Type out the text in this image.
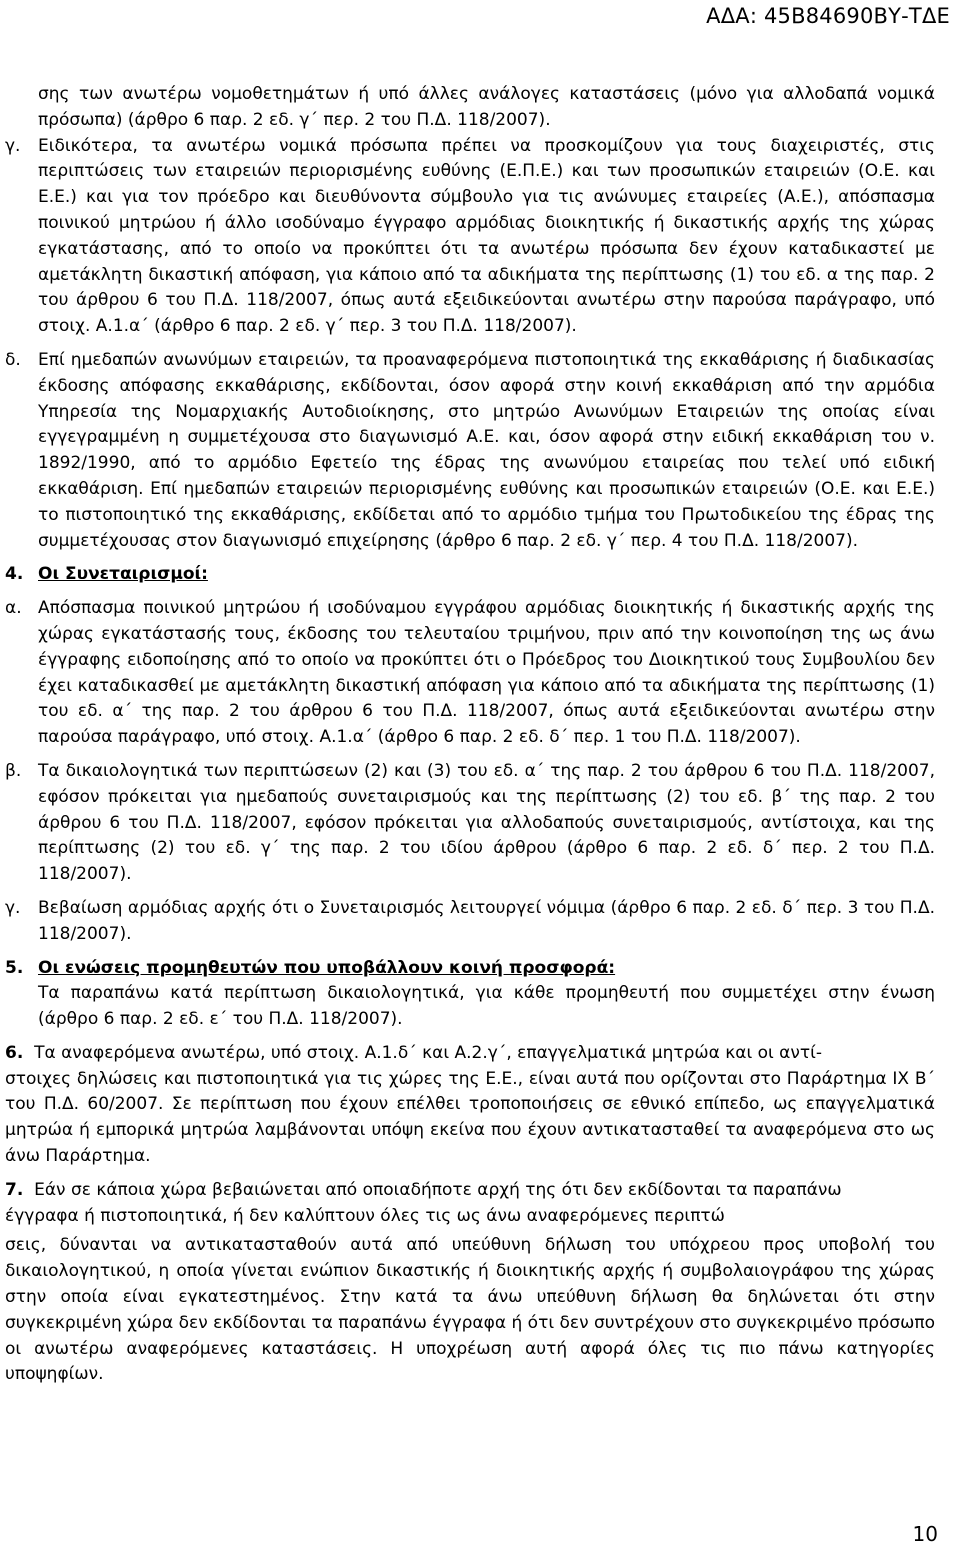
ΑΔΑ: 45Β84690ΒΥ-ΤΔΕ
σης των ανωτέρω νομοθετημάτων ή υπό άλλες ανάλογες καταστάσεις (μόνο για αλλοδαπά νομικά πρόσωπα) (άρθρο 6 παρ. 2 εδ. γ΄ περ. 2 του Π.Δ. 118/2007).
γ.	Ειδικότερα, τα ανωτέρω νομικά πρόσωπα πρέπει να προσκομίζουν για τους διαχειριστές, στις περιπτώσεις των εταιρειών περιορισμένης ευθύνης (Ε.Π.Ε.) και των προσωπικών εταιρειών (Ο.Ε. και Ε.Ε.) και για τον πρόεδρο και διευθύνοντα σύμβουλο για τις ανώνυμες εταιρείες (Α.Ε.), απόσπασμα ποινικού μητρώου ή άλλο ισοδύναμο έγγραφο αρμόδιας διοικητικής ή δικαστικής αρχής της χώρας εγκατάστασης, από το οποίο να προκύπτει ότι τα ανωτέρω πρόσωπα δεν έχουν καταδικαστεί με αμετάκλητη δικαστική απόφαση, για κάποιο από τα αδικήματα της περίπτωσης (1) του εδ. α της παρ. 2 του άρθρου 6 του Π.Δ. 118/2007, όπως αυτά εξειδικεύονται ανωτέρω στην παρούσα παράγραφο, υπό στοιχ. Α.1.α΄ (άρθρο 6 παρ. 2 εδ. γ΄ περ. 3 του Π.Δ. 118/2007).
δ.	Επί ημεδαπών ανωνύμων εταιρειών, τα προαναφερόμενα πιστοποιητικά της εκκαθάρισης ή διαδικασίας έκδοσης απόφασης εκκαθάρισης, εκδίδονται, όσον αφορά στην κοινή εκκαθάριση από την αρμόδια Υπηρεσία της Νομαρχιακής Αυτοδιοίκησης, στο μητρώο Ανωνύμων Εταιρειών της οποίας είναι εγγεγραμμένη η συμμετέχουσα στο διαγωνισμό Α.Ε. και, όσον αφορά στην ειδική εκκαθάριση του ν. 1892/1990, από το αρμόδιο Εφετείο της έδρας της ανωνύμου εταιρείας που τελεί υπό ειδική εκκαθάριση. Επί ημεδαπών εταιρειών περιορισμένης ευθύνης και προσωπικών εταιρειών (Ο.Ε. και Ε.Ε.) το πιστοποιητικό της εκκαθάρισης, εκδίδεται από το αρμόδιο τμήμα του Πρωτοδικείου της έδρας της συμμετέχουσας στον διαγωνισμό επιχείρησης (άρθρο 6 παρ. 2 εδ. γ΄ περ. 4 του Π.Δ. 118/2007).
4. Οι Συνεταιρισμοί:
α. Απόσπασμα ποινικού μητρώου ή ισοδύναμου εγγράφου αρμόδιας διοικητικής ή δικαστικής αρχής της χώρας εγκατάστασής τους, έκδοσης του τελευταίου τριμήνου, πριν από την κοινοποίηση της ως άνω έγγραφης ειδοποίησης από το οποίο να προκύπτει ότι ο Πρόεδρος του Διοικητικού τους Συμβουλίου δεν έχει καταδικασθεί με αμετάκλητη δικαστική απόφαση για κάποιο από τα αδικήματα της περίπτωσης (1) του εδ. α΄ της παρ. 2 του άρθρου 6 του Π.Δ. 118/2007, όπως αυτά εξειδικεύονται ανωτέρω στην παρούσα παράγραφο, υπό στοιχ. Α.1.α΄ (άρθρο 6 παρ. 2 εδ. δ΄ περ. 1 του Π.Δ. 118/2007).
β. Τα δικαιολογητικά των περιπτώσεων (2) και (3) του εδ. α΄ της παρ. 2 του άρθρου 6 του Π.Δ. 118/2007, εφόσον πρόκειται για ημεδαπούς συνεταιρισμούς και της περίπτωσης (2) του εδ. β΄ της παρ. 2 του άρθρου 6 του Π.Δ. 118/2007, εφόσον πρόκειται για αλλοδαπούς συνεταιρισμούς, αντίστοιχα, και της περίπτωσης (2) του εδ. γ΄ της παρ. 2 του ιδίου άρθρου (άρθρο 6 παρ. 2 εδ. δ΄ περ. 2 του Π.Δ. 118/2007).
γ.	Βεβαίωση αρμόδιας αρχής ότι ο Συνεταιρισμός λειτουργεί νόμιμα (άρθρο 6 παρ. 2 εδ. δ΄ περ. 3 του Π.Δ. 118/2007).
5. Οι ενώσεις προμηθευτών που υποβάλλουν κοινή προσφορά:
Τα παραπάνω κατά περίπτωση δικαιολογητικά, για κάθε προμηθευτή που συμμετέχει στην ένωση (άρθρο 6 παρ. 2 εδ. ε΄ του Π.Δ. 118/2007).
6. Τα αναφερόμενα ανωτέρω, υπό στοιχ. Α.1.δ΄ και Α.2.γ΄, επαγγελματικά μητρώα και οι αντί-
στοιχες δηλώσεις και πιστοποιητικά για τις χώρες της Ε.Ε., είναι αυτά που ορίζονται στο Παράρτημα ΙΧ Β΄ του Π.Δ. 60/2007. Σε περίπτωση που έχουν επέλθει τροποποιήσεις σε εθνικό επίπεδο, ως επαγγελματικά μητρώα ή εμπορικά μητρώα λαμβάνονται υπόψη εκείνα που έχουν αντικατασταθεί τα αναφερόμενα στο ως άνω Παράρτημα.
7. Εάν σε κάποια χώρα βεβαιώνεται από οποιαδήποτε αρχή της ότι δεν εκδίδονται τα παραπάνω
έγγραφα ή πιστοποιητικά, ή δεν καλύπτουν όλες τις ως άνω αναφερόμενες περιπτώ
σεις, δύνανται να αντικατασταθούν αυτά από υπεύθυνη δήλωση του υπόχρεου προς υποβολή του δικαιολογητικού, η οποία γίνεται ενώπιον δικαστικής ή διοικητικής αρχής ή συμβολαιογράφου της χώρας στην οποία είναι εγκατεστημένος. Στην κατά τα άνω υπεύθυνη δήλωση θα δηλώνεται ότι στην συγκεκριμένη χώρα δεν εκδίδονται τα παραπάνω έγγραφα ή ότι δεν συντρέχουν στο συγκεκριμένο πρόσωπο οι ανωτέρω αναφερόμενες καταστάσεις. Η υποχρέωση αυτή αφορά όλες τις πιο πάνω κατηγορίες υποψηφίων.
10
